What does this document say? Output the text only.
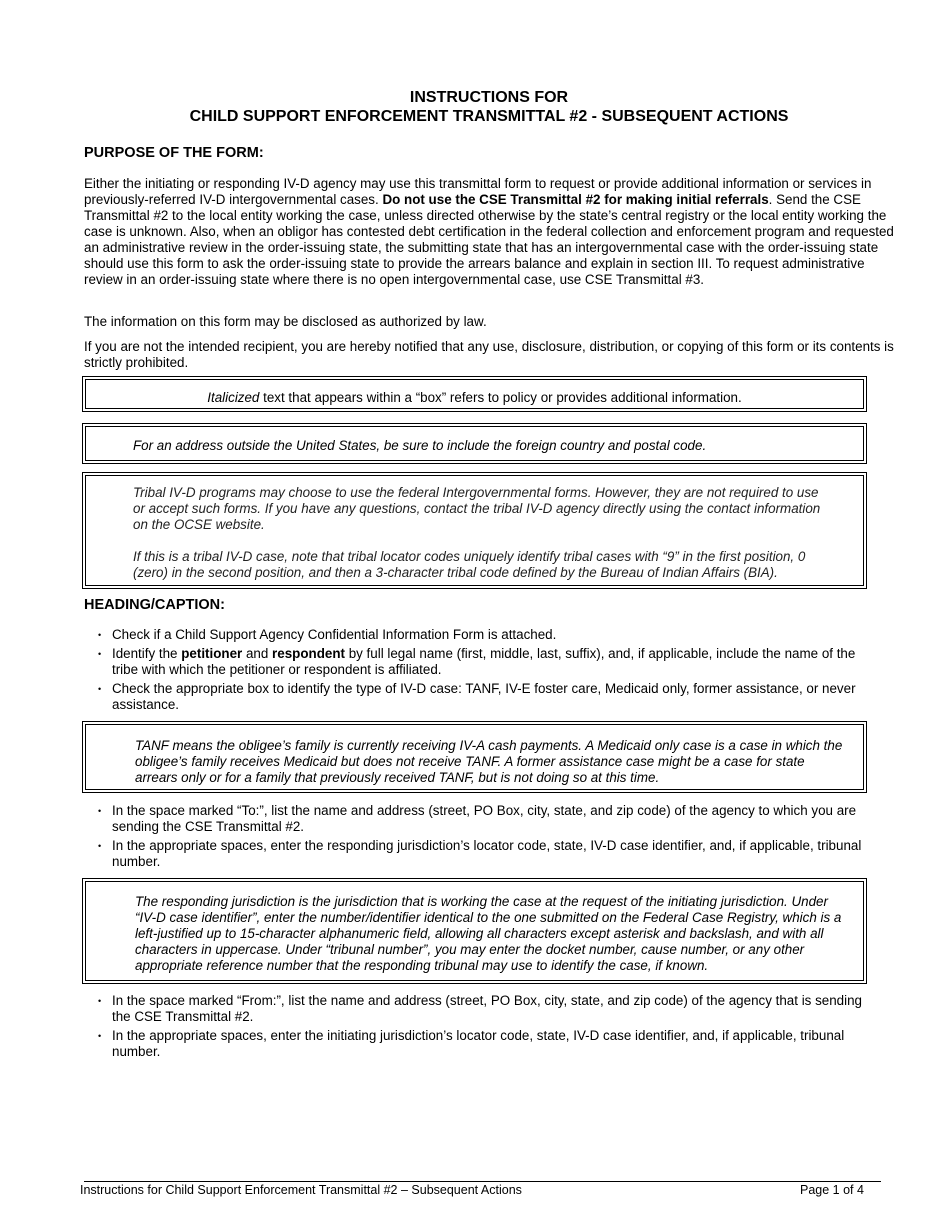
INSTRUCTIONS FOR
CHILD SUPPORT ENFORCEMENT TRANSMITTAL #2 - SUBSEQUENT ACTIONS
PURPOSE OF THE FORM:
Either the initiating or responding IV-D agency may use this transmittal form to request or provide additional information or services in previously-referred IV-D intergovernmental cases. Do not use the CSE Transmittal #2 for making initial referrals. Send the CSE Transmittal #2 to the local entity working the case, unless directed otherwise by the state’s central registry or the local entity working the case is unknown. Also, when an obligor has contested debt certification in the federal collection and enforcement program and requested an administrative review in the order-issuing state, the submitting state that has an intergovernmental case with the order-issuing state should use this form to ask the order-issuing state to provide the arrears balance and explain in section III. To request administrative review in an order-issuing state where there is no open intergovernmental case, use CSE Transmittal #3.
The information on this form may be disclosed as authorized by law.
If you are not the intended recipient, you are hereby notified that any use, disclosure, distribution, or copying of this form or its contents is strictly prohibited.

Italicized text that appears within a “box” refers to policy or provides additional information.

For an address outside the United States, be sure to include the foreign country and postal code.

Tribal IV-D programs may choose to use the federal Intergovernmental forms. However, they are not required to use or accept such forms. If you have any questions, contact the tribal IV-D agency directly using the contact information on the OCSE website.

If this is a tribal IV-D case, note that tribal locator codes uniquely identify tribal cases with “9” in the first position, 0 (zero) in the second position, and then a 3-character tribal code defined by the Bureau of Indian Affairs (BIA).

HEADING/CAPTION:
• Check if a Child Support Agency Confidential Information Form is attached.
• Identify the petitioner and respondent by full legal name (first, middle, last, suffix), and, if applicable, include the name of the tribe with which the petitioner or respondent is affiliated.
• Check the appropriate box to identify the type of IV-D case: TANF, IV-E foster care, Medicaid only, former assistance, or never assistance.

TANF means the obligee’s family is currently receiving IV-A cash payments. A Medicaid only case is a case in which the obligee’s family receives Medicaid but does not receive TANF. A former assistance case might be a case for state arrears only or for a family that previously received TANF, but is not doing so at this time.

• In the space marked “To:”, list the name and address (street, PO Box, city, state, and zip code) of the agency to which you are sending the CSE Transmittal #2.
• In the appropriate spaces, enter the responding jurisdiction’s locator code, state, IV-D case identifier, and, if applicable, tribunal number.

The responding jurisdiction is the jurisdiction that is working the case at the request of the initiating jurisdiction. Under “IV-D case identifier”, enter the number/identifier identical to the one submitted on the Federal Case Registry, which is a left-justified up to 15-character alphanumeric field, allowing all characters except asterisk and backslash, and with all characters in uppercase. Under “tribunal number”, you may enter the docket number, cause number, or any other appropriate reference number that the responding tribunal may use to identify the case, if known.

• In the space marked “From:”, list the name and address (street, PO Box, city, state, and zip code) of the agency that is sending the CSE Transmittal #2.
• In the appropriate spaces, enter the initiating jurisdiction’s locator code, state, IV-D case identifier, and, if applicable, tribunal number.
Instructions for Child Support Enforcement Transmittal #2 – Subsequent Actions	Page 1 of 4
